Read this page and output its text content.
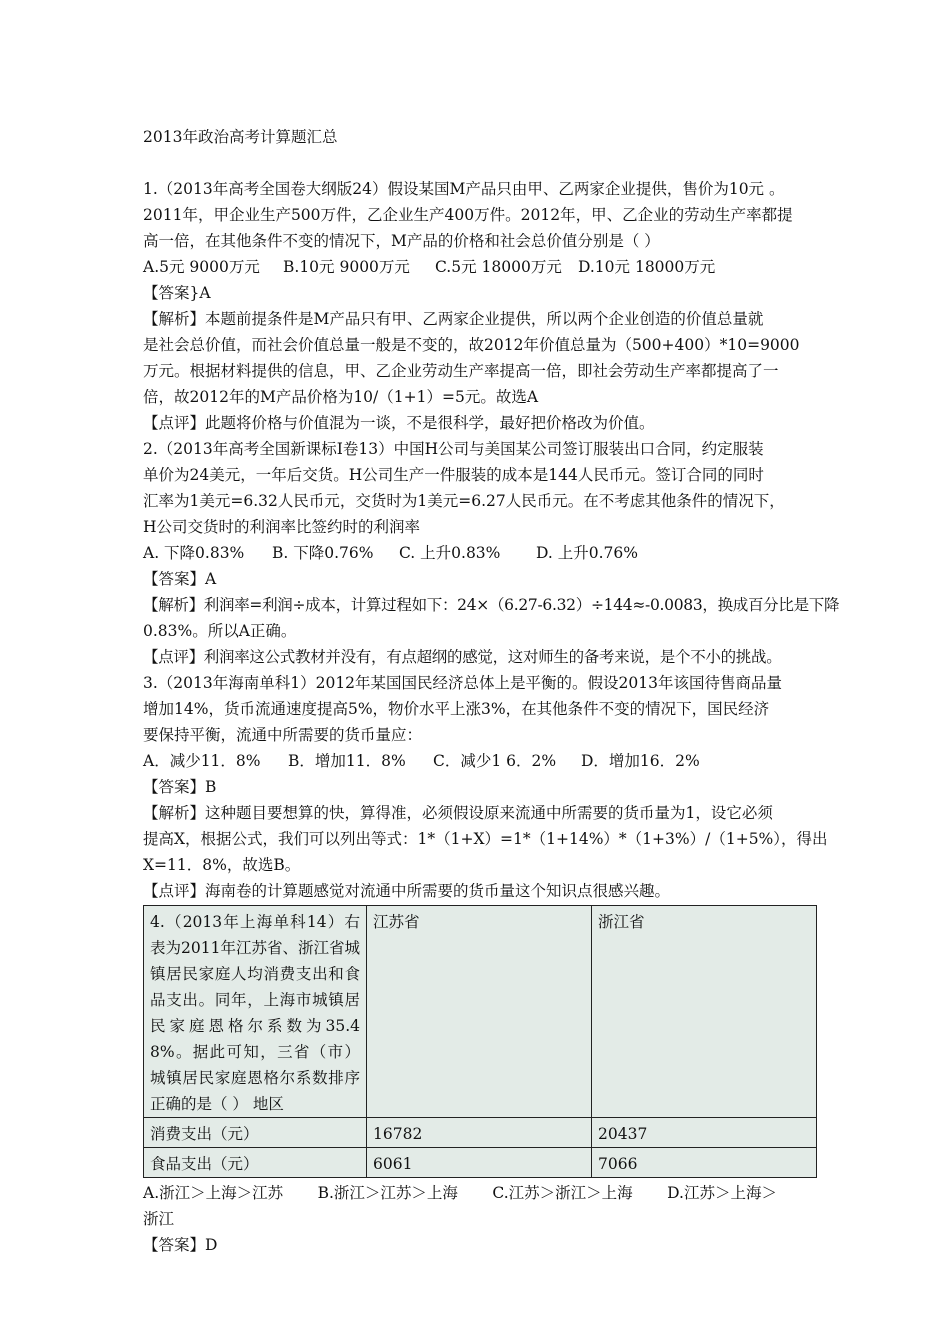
2013年政治高考计算题汇总
1.（2013年高考全国卷大纲版24）假设某国M产品只由甲、乙两家企业提供，售价为10元 。
2011年，甲企业生产500万件，乙企业生产400万件。2012年，甲、乙企业的劳动生产率都提
高一倍，在其他条件不变的情况下，M产品的价格和社会总价值分别是（ ）
A.5元 9000万元 B.10元 9000万元 C.5元 18000万元 D.10元 18000万元
【答案}A
【解析】本题前提条件是M产品只有甲、乙两家企业提供，所以两个企业创造的价值总量就
是社会总价值，而社会价值总量一般是不变的，故2012年价值总量为（500+400）*10=9000
万元。根据材料提供的信息，甲、乙企业劳动生产率提高一倍，即社会劳动生产率都提高了一
倍，故2012年的M产品价格为10/（1+1）=5元。故选A
【点评】此题将价格与价值混为一谈，不是很科学，最好把价格改为价值。
2.（2013年高考全国新课标Ⅰ卷13）中国H公司与美国某公司签订服装出口合同，约定服装
单价为24美元，一年后交货。H公司生产一件服装的成本是144人民币元。签订合同的同时
汇率为1美元=6.32人民币元，交货时为1美元=6.27人民币元。在不考虑其他条件的情况下，
H公司交货时的利润率比签约时的利润率
A. 下降0.83% B. 下降0.76% C. 上升0.83% D. 上升0.76%
【答案】A
【解析】利润率=利润÷成本，计算过程如下：24×（6.27-6.32）÷144≈-0.0083，换成百分比是下降
0.83%。所以A正确。
【点评】利润率这公式教材并没有，有点超纲的感觉，这对师生的备考来说，是个不小的挑战。
3.（2013年海南单科1）2012年某国国民经济总体上是平衡的。假设2013年该国待售商品量
增加14%，货币流通速度提高5%，物价水平上涨3%，在其他条件不变的情况下，国民经济
要保持平衡，流通中所需要的货币量应：
A．减少11．8% B．增加11．8% C．减少1 6．2% D．增加16．2%
【答案】B
【解析】这种题目要想算的快，算得准，必须假设原来流通中所需要的货币量为1，设它必须
提高X，根据公式，我们可以列出等式：1*（1+X）=1*（1+14%）*（1+3%）/（1+5%），得出
X=11．8%，故选B。
【点评】海南卷的计算题感觉对流通中所需要的货币量这个知识点很感兴趣。
4.（2013年上海单科14）右表为2011年江苏省、浙江省城镇居民家庭人均消费支出和食品支出。同年，上海市城镇居民家庭恩格尔系数为35.48%。据此可知，三省（市）城镇居民家庭恩格尔系数排序正确的是（ ） 地区	江苏省	浙江省
消费支出（元）	16782	20437
食品支出（元）	6061	7066
A.浙江＞上海＞江苏       B.浙江＞江苏＞上海       C.江苏＞浙江＞上海       D.江苏＞上海＞
浙江
【答案】D
